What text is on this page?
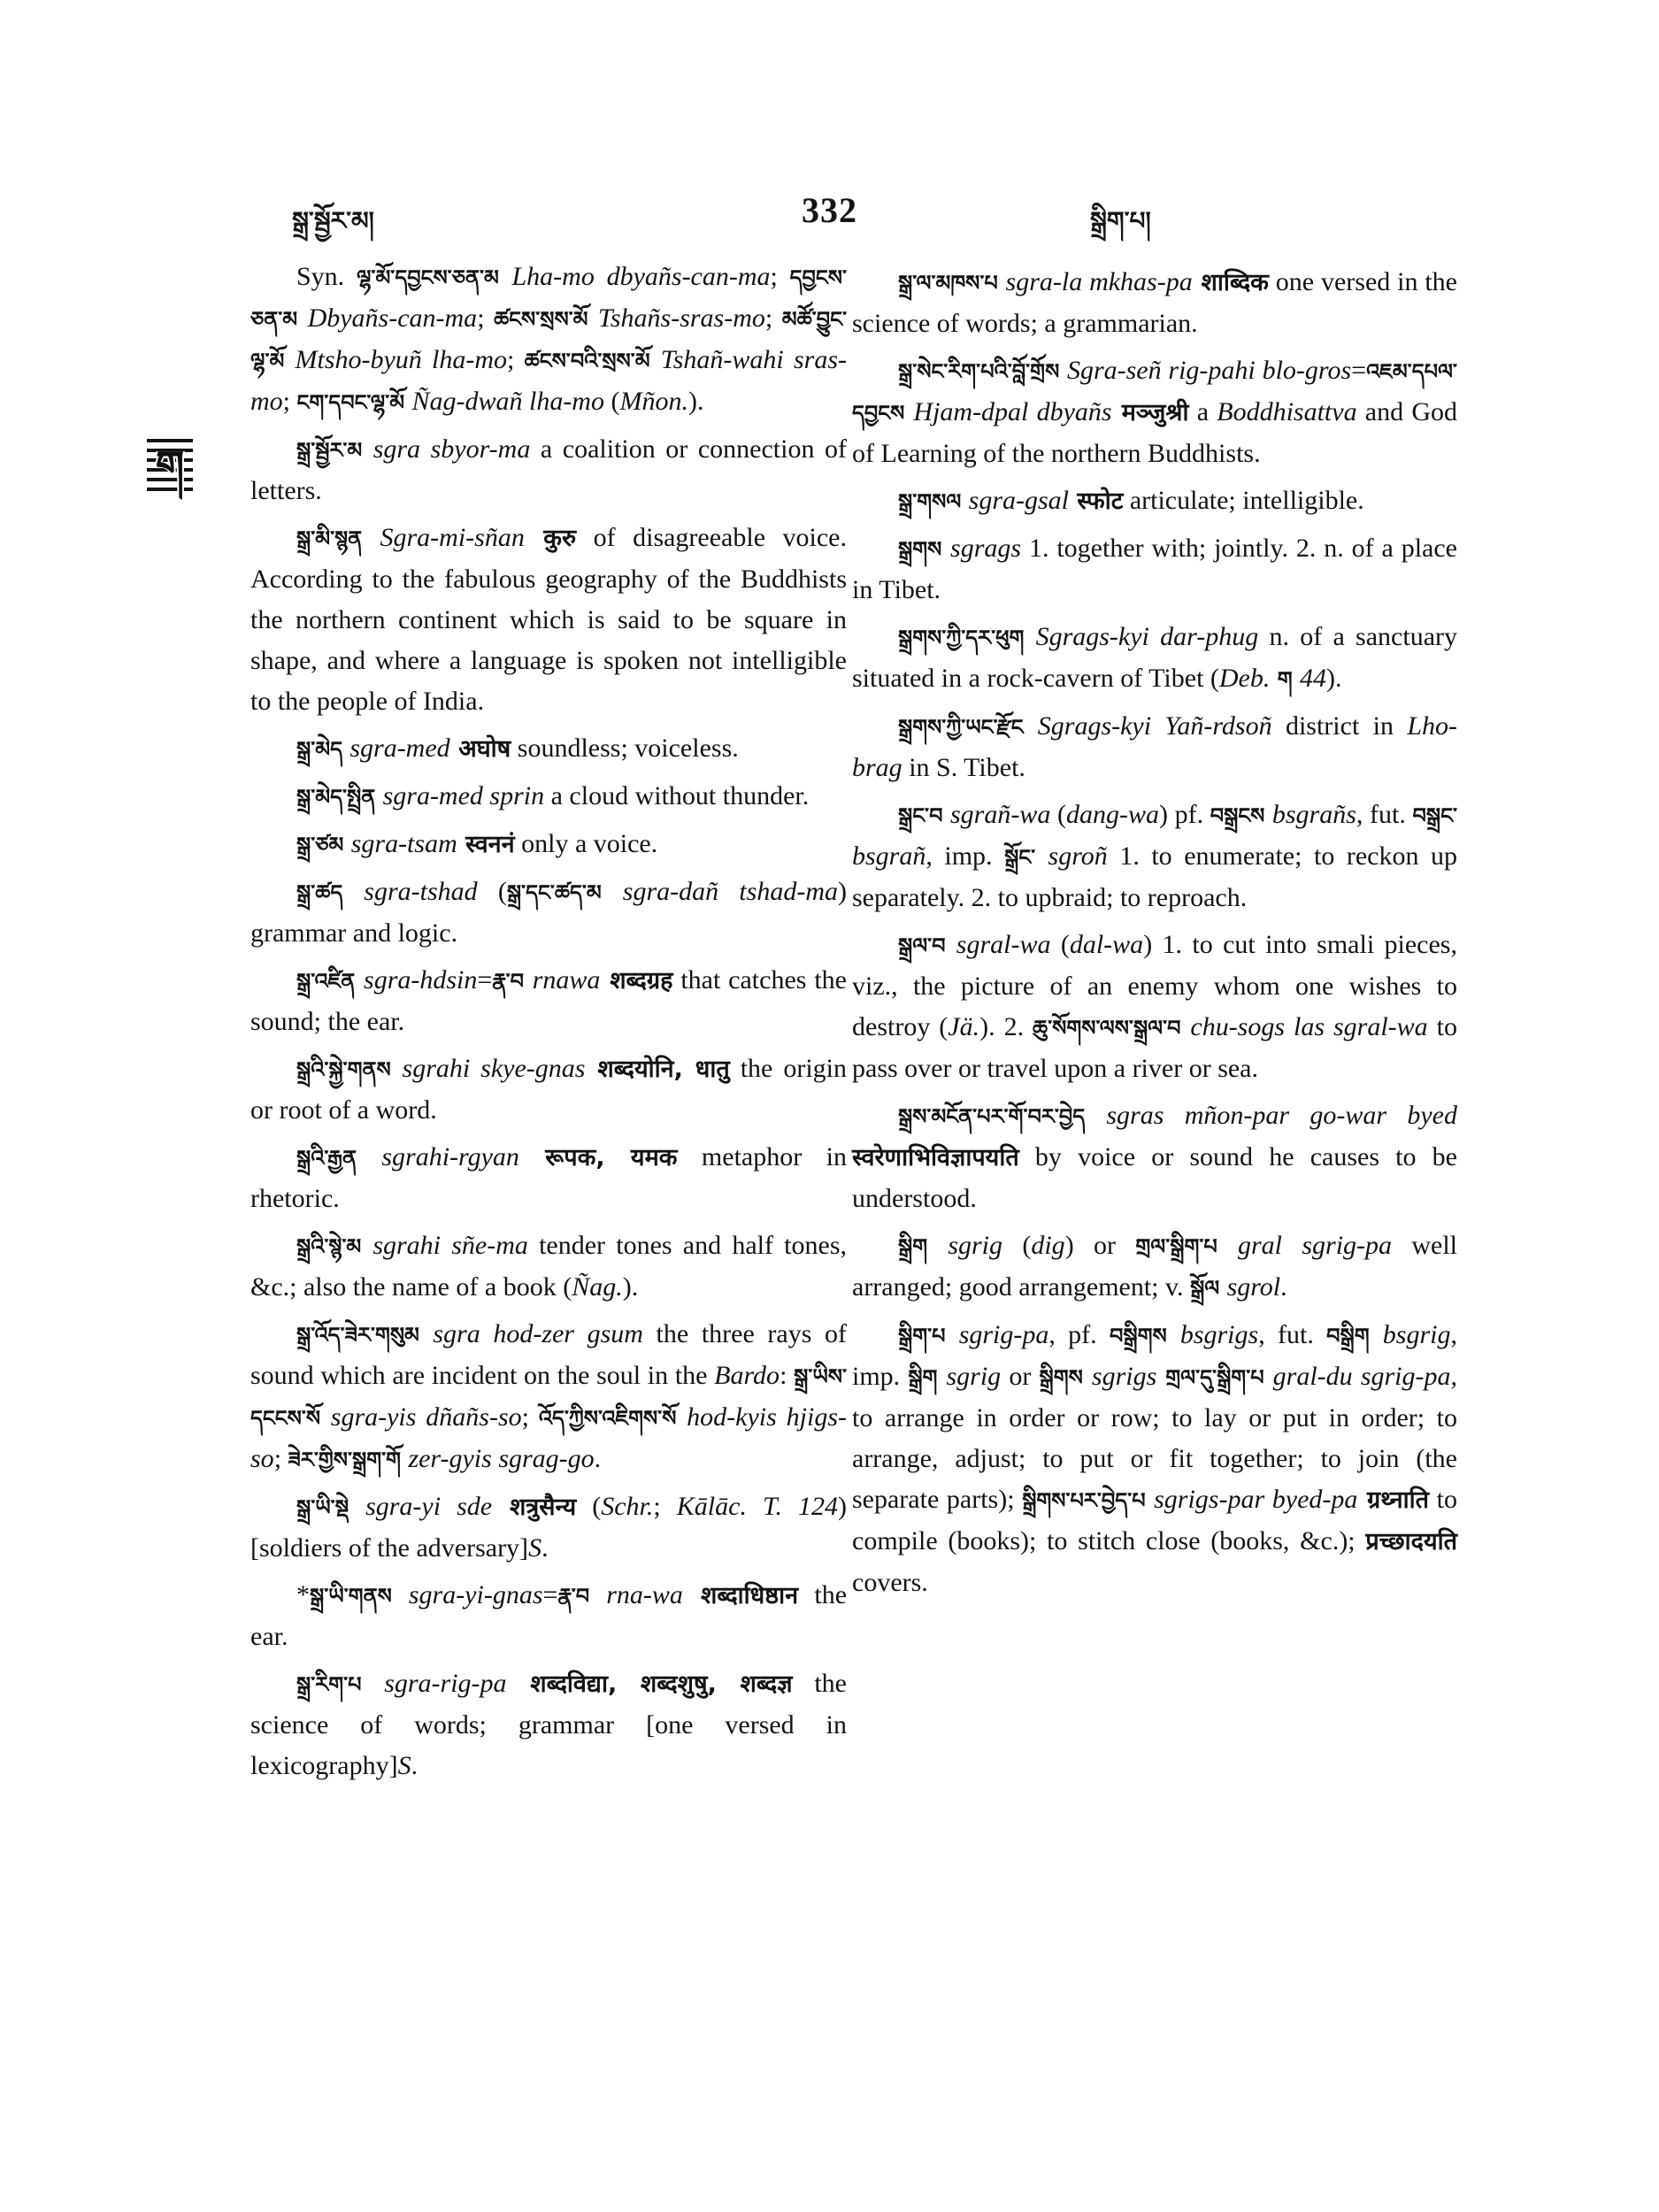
སྒྲ་སྦྱོར་མ།	332	སྒྲིག་པ།
ག

Syn. ལྷ་མོ་དབྱངས་ཅན་མ Lha-mo dbyañs-can-ma; དབྱངས་ཅན་མ Dbyañs-can-ma; ཚངས་སྲས་མོ Tshañs-sras-mo; མཚོ་བྱུང་ལྷ་མོ Mtsho-byuñ lha-mo; ཚངས་བའི་སྲས་མོ Tshañ-wahi sras-mo; ངག་དབང་ལྷ་མོ Ñag-dwañ lha-mo (Mñon.).

སྒྲ་སྦྱོར་མ sgra sbyor-ma a coalition or connection of letters.

སྒྲ་མི་སྙན Sgra-mi-sñan कुरु of disagreeable voice. According to the fabulous geography of the Buddhists the northern continent which is said to be square in shape, and where a language is spoken not intelligible to the people of India.

སྒྲ་མེད sgra-med अघोष soundless; voiceless.

སྒྲ་མེད་སྤྲིན sgra-med sprin a cloud without thunder.

སྒྲ་ཙམ sgra-tsam स्वननं only a voice.

སྒྲ་ཚད sgra-tshad (སྒྲ་དང་ཚད་མ sgra-dañ tshad-ma) grammar and logic.

སྒྲ་འཛིན sgra-hdsin=རྣ་བ rnawa शब्दग्रह that catches the sound; the ear.

སྒྲའི་སྐྱེ་གནས sgrahi skye-gnas शब्दयोनि, धातु the origin or root of a word.

སྒྲའི་རྒྱན sgrahi-rgyan रूपक, यमक metaphor in rhetoric.

སྒྲའི་སྙེ་མ sgrahi sñe-ma tender tones and half tones, &c.; also the name of a book (Ñag.).

སྒྲ་འོད་ཟེར་གསུམ sgra hod-zer gsum the three rays of sound which are incident on the soul in the Bardo: སྒྲ་ཡིས་དངངས་སོ sgra-yis dñañs-so; འོད་ཀྱིས་འཇིགས་སོ hod-kyis hjigs-so; ཟེར་གྱིས་སྒྲག་གོ zer-gyis sgrag-go.

སྒྲ་ཡི་སྡེ sgra-yi sde शत्रुसैन्य (Schr.; Kālāc. T. 124) [soldiers of the adversary]S.

*སྒྲ་ཡི་གནས sgra-yi-gnas=རྣ་བ rna-wa शब्दाधिष्ठान the ear.

སྒྲ་རིག་པ sgra-rig-pa शब्दविद्या, शब्दशुषु, शब्दज्ञ the science of words; grammar [one versed in lexicography]S.

སྒྲ་ལ་མཁས་པ sgra-la mkhas-pa शाब्दिक one versed in the science of words; a grammarian.

སྒྲ་སེང་རིག་པའི་བློ་གྲོས Sgra-señ rig-pahi blo-gros=འཇམ་དཔལ་དབྱངས Hjam-dpal dbyañs मञ्जुश्री a Boddhisattva and God of Learning of the northern Buddhists.

སྒྲ་གསལ sgra-gsal स्फोट articulate; intelligible.

སྒྲགས sgrags 1. together with; jointly. 2. n. of a place in Tibet.

སྒྲགས་ཀྱི་དར་ཕུག Sgrags-kyi dar-phug n. of a sanctuary situated in a rock-cavern of Tibet (Deb. ག 44).

སྒྲགས་ཀྱི་ཡང་རྫོང Sgrags-kyi Yañ-rdsoñ district in Lho-brag in S. Tibet.

སྒྲང་བ sgrañ-wa (dang-wa) pf. བསྒྲངས bsgrañs, fut. བསྒྲང་ bsgrañ, imp. སྒྲོང་ sgroñ 1. to enumerate; to reckon up separately. 2. to upbraid; to reproach.

སྒྲལ་བ sgral-wa (dal-wa) 1. to cut into smali pieces, viz., the picture of an enemy whom one wishes to destroy (Jä.). 2. ཆུ་སོགས་ལས་སྒྲལ་བ chu-sogs las sgral-wa to pass over or travel upon a river or sea.

སྒྲས་མངོན་པར་གོ་བར་བྱེད sgras mñon-par go-war byed स्वरेणाभिविज्ञापयति by voice or sound he causes to be understood.

སྒྲིག sgrig (dig) or གྲལ་སྒྲིག་པ gral sgrig-pa well arranged; good arrangement; v. སྒྲོལ sgrol.

སྒྲིག་པ sgrig-pa, pf. བསྒྲིགས bsgrigs, fut. བསྒྲིག bsgrig, imp. སྒྲིག sgrig or སྒྲིགས sgrigs གྲལ་དུ་སྒྲིག་པ gral-du sgrig-pa, to arrange in order or row; to lay or put in order; to arrange, adjust; to put or fit together; to join (the separate parts); སྒྲིགས་པར་བྱེད་པ sgrigs-par byed-pa ग्रथ्नाति to compile (books); to stitch close (books, &c.); प्रच्छादयति covers.
